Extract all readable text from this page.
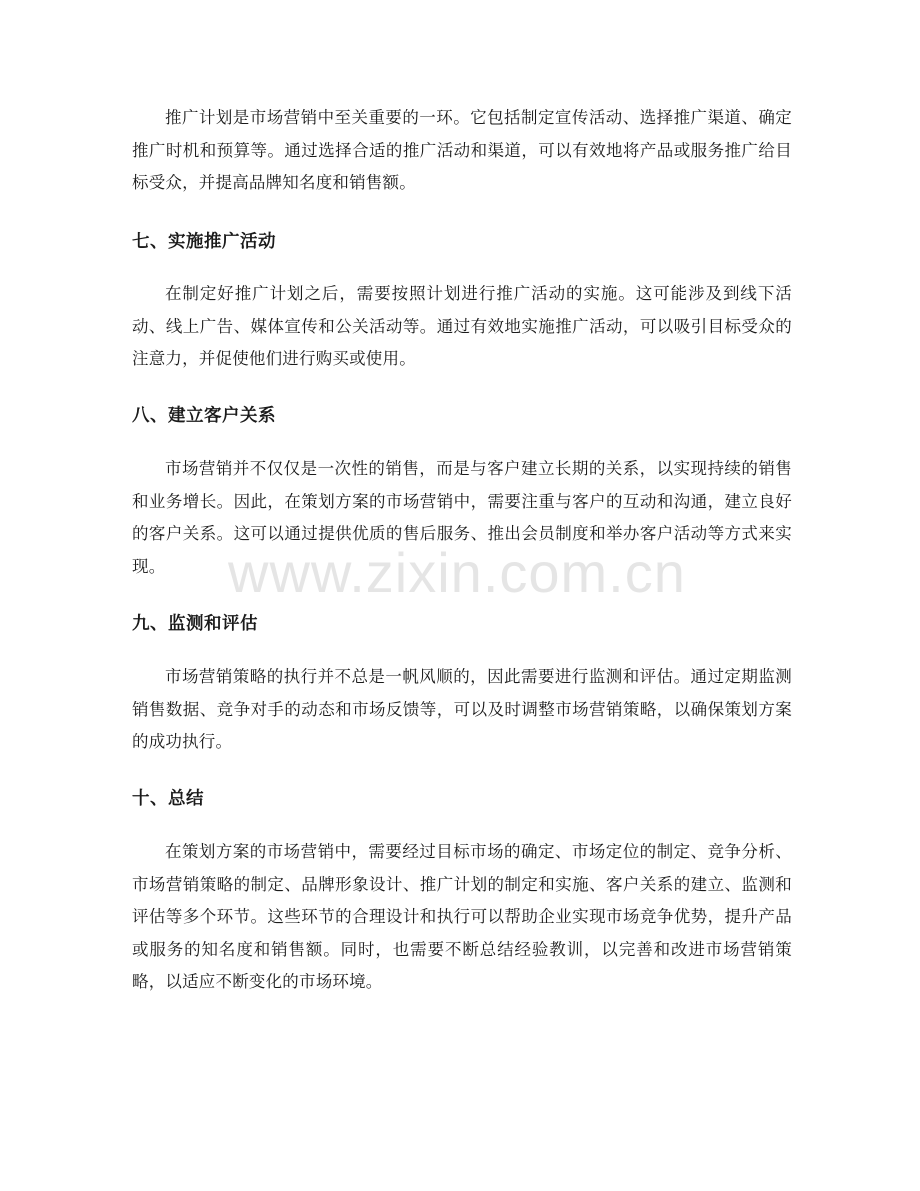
推广计划是市场营销中至关重要的一环。它包括制定宣传活动、选择推广渠道、确定推广时机和预算等。通过选择合适的推广活动和渠道，可以有效地将产品或服务推广给目标受众，并提高品牌知名度和销售额。

七、实施推广活动

在制定好推广计划之后，需要按照计划进行推广活动的实施。这可能涉及到线下活动、线上广告、媒体宣传和公关活动等。通过有效地实施推广活动，可以吸引目标受众的注意力，并促使他们进行购买或使用。

八、建立客户关系

市场营销并不仅仅是一次性的销售，而是与客户建立长期的关系，以实现持续的销售和业务增长。因此，在策划方案的市场营销中，需要注重与客户的互动和沟通，建立良好的客户关系。这可以通过提供优质的售后服务、推出会员制度和举办客户活动等方式来实现。

九、监测和评估

市场营销策略的执行并不总是一帆风顺的，因此需要进行监测和评估。通过定期监测销售数据、竞争对手的动态和市场反馈等，可以及时调整市场营销策略，以确保策划方案的成功执行。

十、总结

在策划方案的市场营销中，需要经过目标市场的确定、市场定位的制定、竞争分析、市场营销策略的制定、品牌形象设计、推广计划的制定和实施、客户关系的建立、监测和评估等多个环节。这些环节的合理设计和执行可以帮助企业实现市场竞争优势，提升产品或服务的知名度和销售额。同时，也需要不断总结经验教训，以完善和改进市场营销策略，以适应不断变化的市场环境。

www.zixin.com.cn
